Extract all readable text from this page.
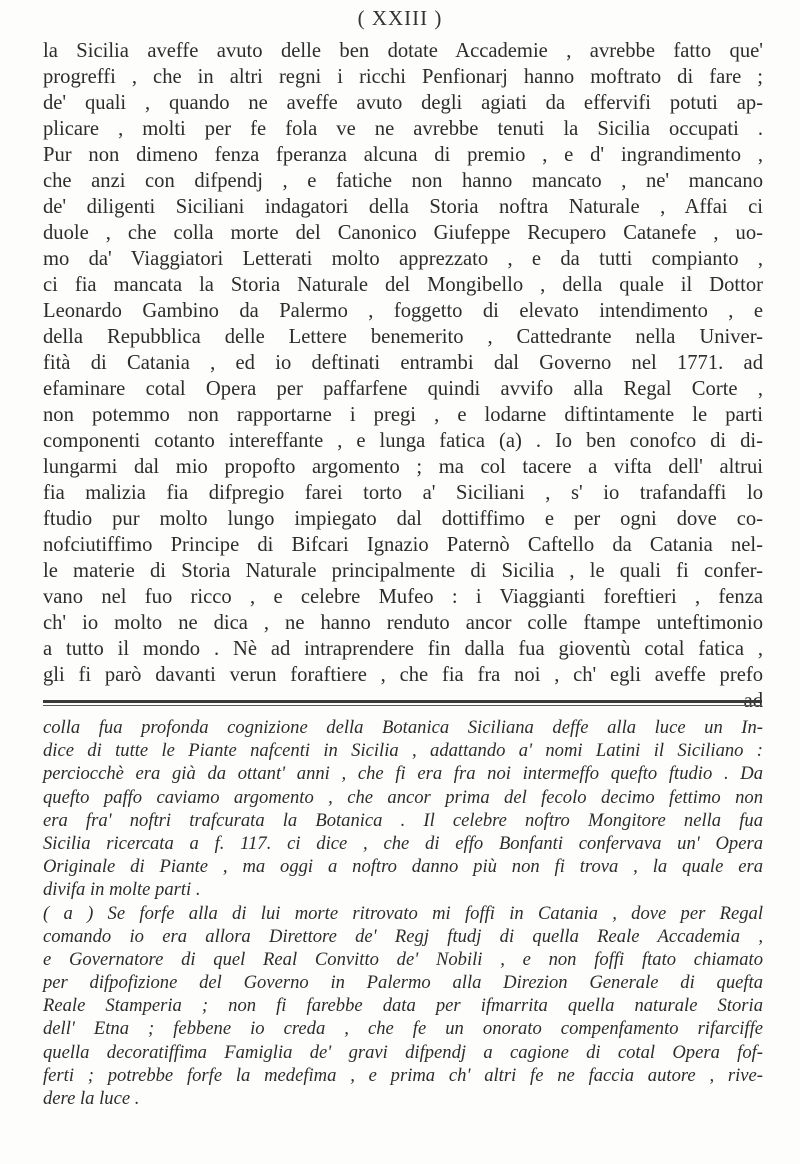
( XXIII )
la Sicilia aveffe avuto delle ben dotate Accademie , avrebbe fatto que'
progreffi , che in altri regni i ricchi Penfionarj hanno moftrato di fare ;
de' quali , quando ne aveffe avuto degli agiati da effervifi potuti ap-
plicare , molti per fe fola ve ne avrebbe tenuti la Sicilia occupati .
Pur non dimeno fenza fperanza alcuna di premio , e d' ingrandimento ,
che anzi con difpendj , e fatiche non hanno mancato , ne' mancano
de' diligenti Siciliani indagatori della Storia noftra Naturale , Affai ci
duole , che colla morte del Canonico Giufeppe Recupero Catanefe , uo-
mo da' Viaggiatori Letterati molto apprezzato , e da tutti compianto ,
ci fia mancata la Storia Naturale del Mongibello , della quale il Dottor
Leonardo Gambino da Palermo , foggetto di elevato intendimento , e
della Repubblica delle Lettere benemerito , Cattedrante nella Univer-
fità di Catania , ed io deftinati entrambi dal Governo nel 1771. ad
efaminare cotal Opera per paffarfene quindi avvifo alla Regal Corte ,
non potemmo non rapportarne i pregi , e lodarne diftintamente le parti
componenti cotanto intereffante , e lunga fatica (a) . Io ben conofco di di-
lungarmi dal mio propofto argomento ; ma col tacere a vifta dell' altrui
fia malizia fia difpregio farei torto a' Siciliani , s' io trafandaffi lo
ftudio pur molto lungo impiegato dal dottiffimo e per ogni dove co-
nofciutiffimo Principe di Bifcari Ignazio Paternò Caftello da Catania nel-
le materie di Storia Naturale principalmente di Sicilia , le quali fi confer-
vano nel fuo ricco , e celebre Mufeo : i Viaggianti foreftieri , fenza
ch' io molto ne dica , ne hanno renduto ancor colle ftampe unteftimonio
a tutto il mondo . Nè ad intraprendere fin dalla fua gioventù cotal fatica ,
gli fi parò davanti verun foraftiere , che fia fra noi , ch' egli aveffe prefo
ad
colla fua profonda cognizione della Botanica Siciliana deffe alla luce un In-
dice di tutte le Piante nafcenti in Sicilia , adattando a' nomi Latini il Siciliano :
perciocchè era già da ottant' anni , che fi era fra noi intermeffo quefto ftudio . Da
quefto paffo caviamo argomento , che ancor prima del fecolo decimo fettimo non
era fra' noftri trafcurata la Botanica . Il celebre noftro Mongitore nella fua
Sicilia ricercata a f. 117. ci dice , che di effo Bonfanti confervava un' Opera
Originale di Piante , ma oggi a noftro danno più non fi trova , la quale era
divifa in molte parti .
( a ) Se forfe alla di lui morte ritrovato mi foffi in Catania , dove per Regal
comando io era allora Direttore de' Regj ftudj di quella Reale Accademia ,
e Governatore di quel Real Convitto de' Nobili , e non foffi ftato chiamato
per difpofizione del Governo in Palermo alla Direzion Generale di quefta
Reale Stamperia ; non fi farebbe data per ifmarrita quella naturale Storia
dell' Etna ; febbene io creda , che fe un onorato compenfamento rifarciffe
quella decoratiffima Famiglia de' gravi difpendj a cagione di cotal Opera fof-
ferti ; potrebbe forfe la medefima , e prima ch' altri fe ne faccia autore , rive-
dere la luce .
